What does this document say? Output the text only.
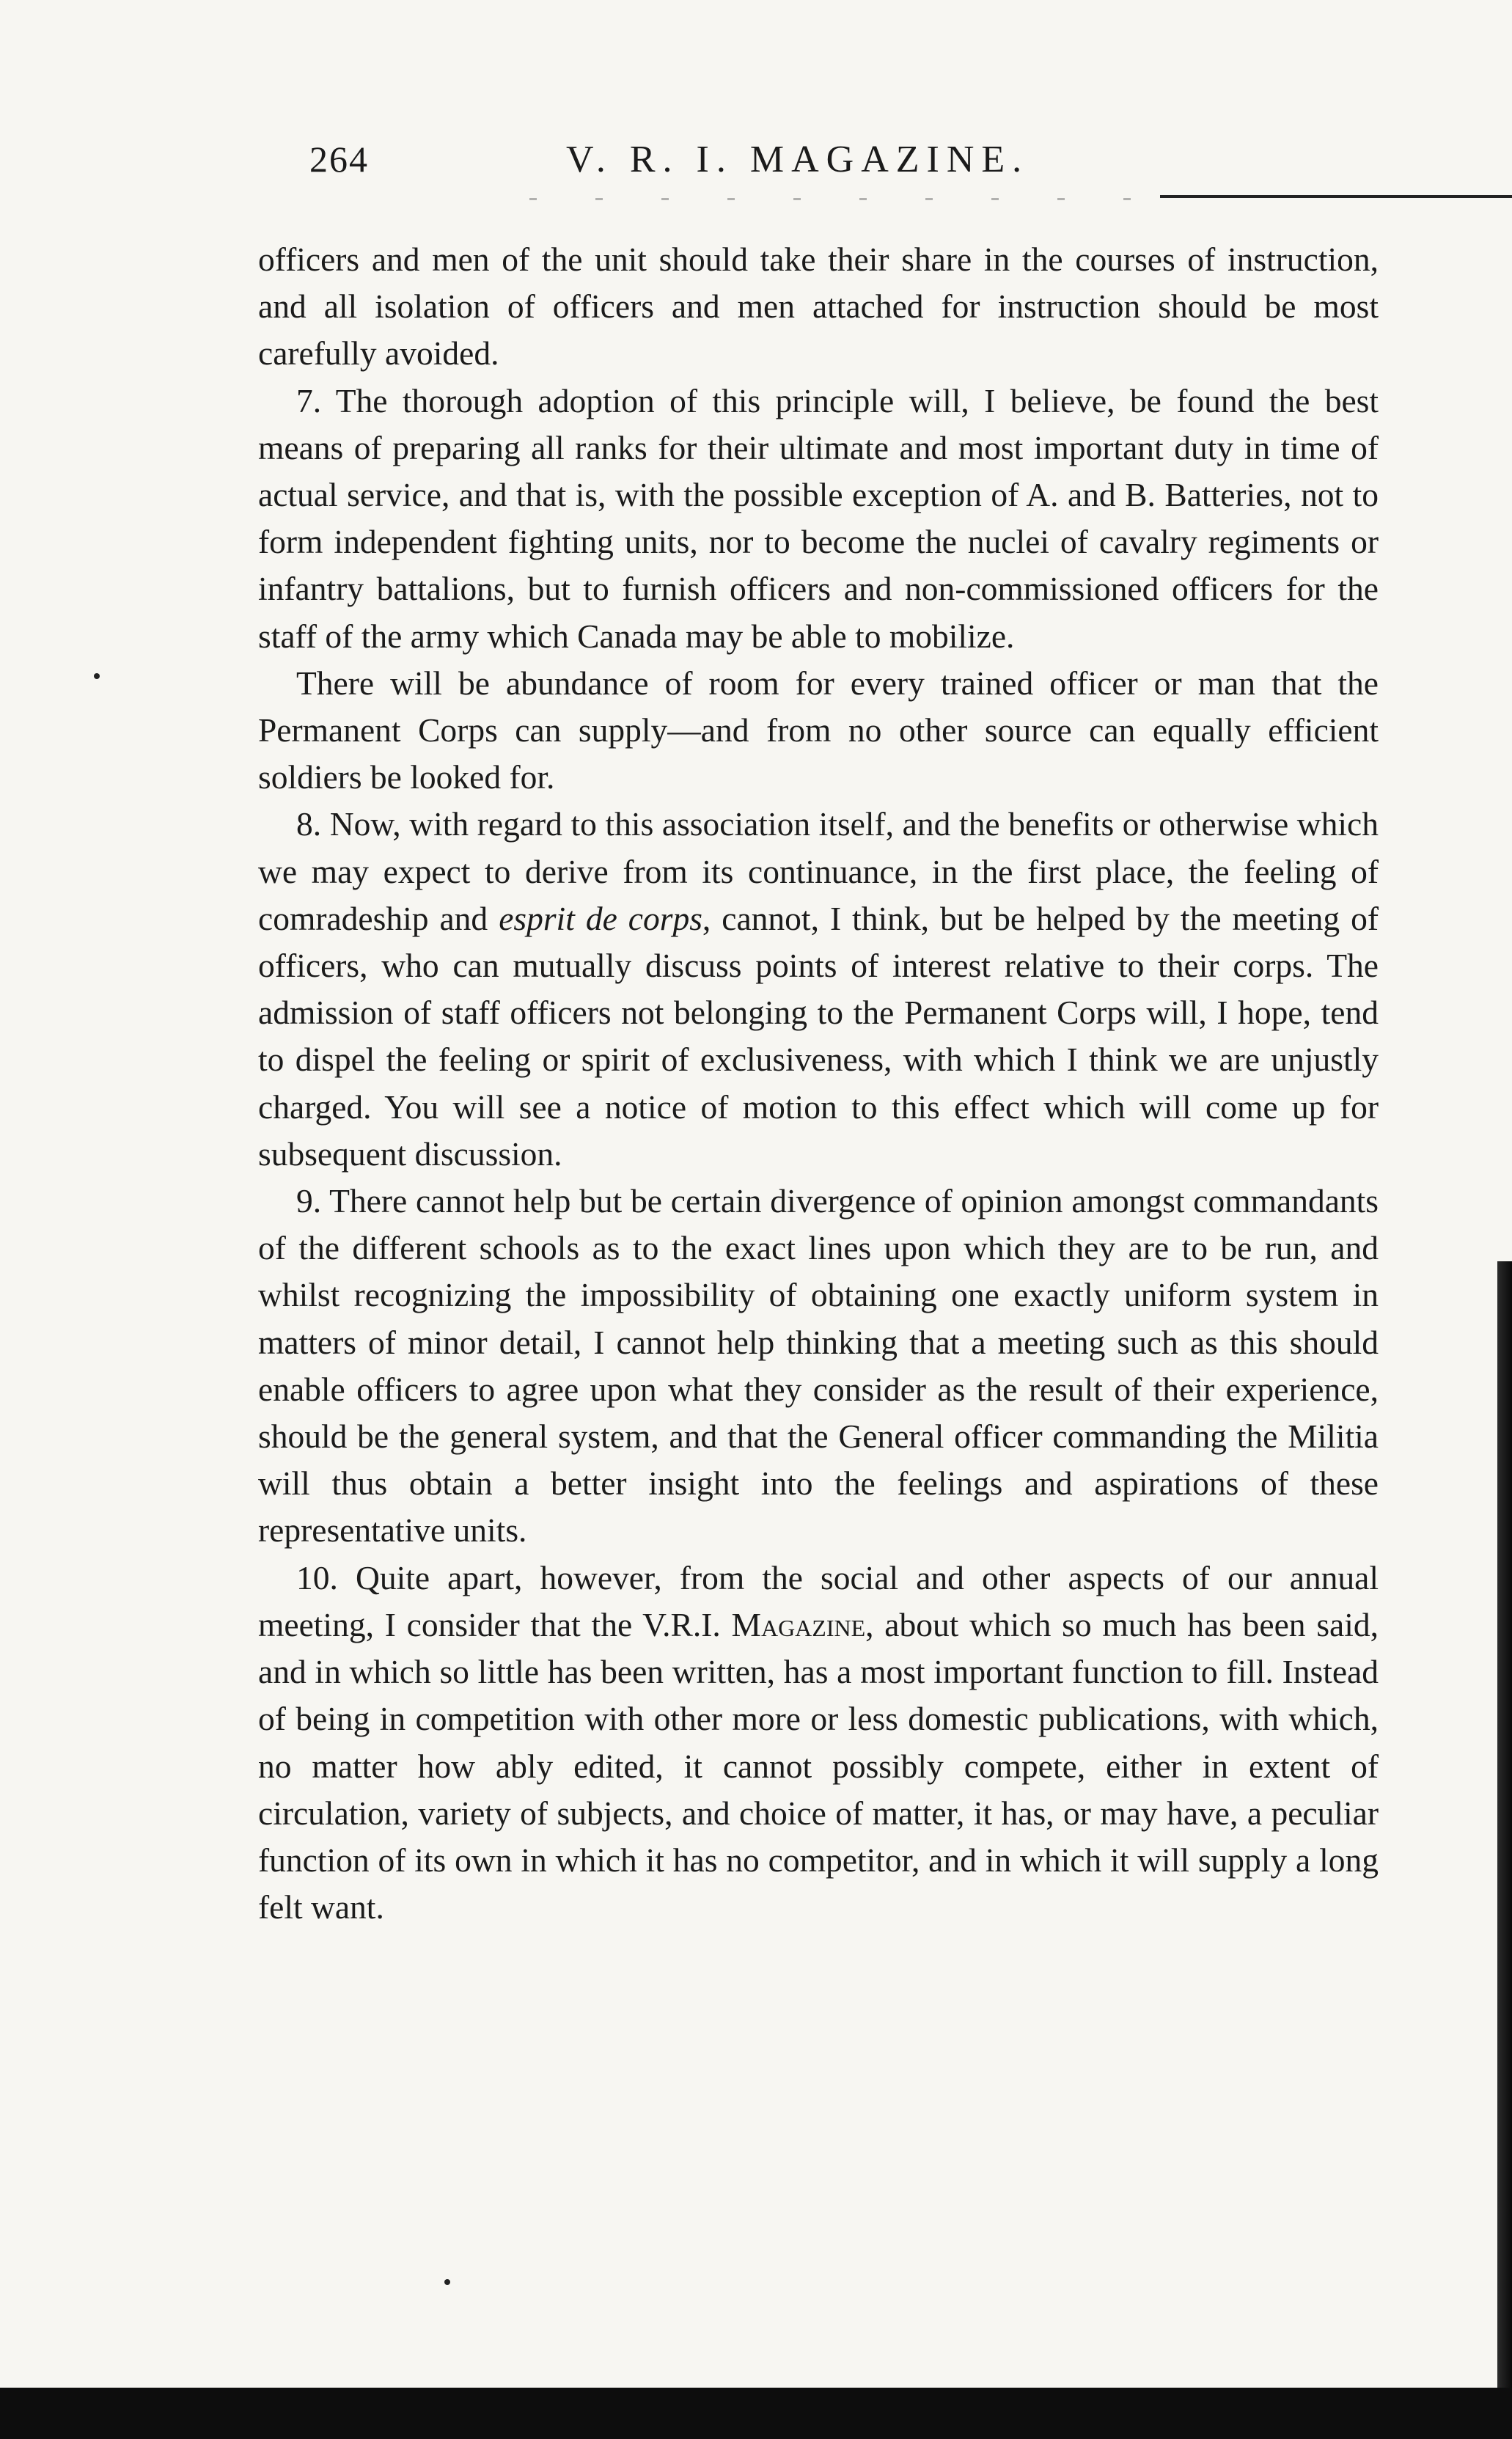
264	V. R. I. MAGAZINE.

officers and men of the unit should take their share in the courses of instruction, and all isolation of officers and men attached for instruction should be most carefully avoided.

7. The thorough adoption of this principle will, I believe, be found the best means of preparing all ranks for their ultimate and most important duty in time of actual service, and that is, with the possible exception of A. and B. Batteries, not to form independent fighting units, nor to become the nuclei of cavalry regiments or infantry battalions, but to furnish officers and non-commissioned officers for the staff of the army which Canada may be able to mobilize.

There will be abundance of room for every trained officer or man that the Permanent Corps can supply—and from no other source can equally efficient soldiers be looked for.

8. Now, with regard to this association itself, and the benefits or otherwise which we may expect to derive from its continuance, in the first place, the feeling of comradeship and esprit de corps, cannot, I think, but be helped by the meeting of officers, who can mutually discuss points of interest relative to their corps. The admission of staff officers not belonging to the Permanent Corps will, I hope, tend to dispel the feeling or spirit of exclusiveness, with which I think we are unjustly charged. You will see a notice of motion to this effect which will come up for subsequent discussion.

9. There cannot help but be certain divergence of opinion amongst commandants of the different schools as to the exact lines upon which they are to be run, and whilst recognizing the impossibility of obtaining one exactly uniform system in matters of minor detail, I cannot help thinking that a meeting such as this should enable officers to agree upon what they consider as the result of their experience, should be the general system, and that the General officer commanding the Militia will thus obtain a better insight into the feelings and aspirations of these representative units.

10. Quite apart, however, from the social and other aspects of our annual meeting, I consider that the V.R.I. Magazine, about which so much has been said, and in which so little has been written, has a most important function to fill. Instead of being in competition with other more or less domestic publications, with which, no matter how ably edited, it cannot possibly compete, either in extent of circulation, variety of subjects, and choice of matter, it has, or may have, a peculiar function of its own in which it has no competitor, and in which it will supply a long felt want.
